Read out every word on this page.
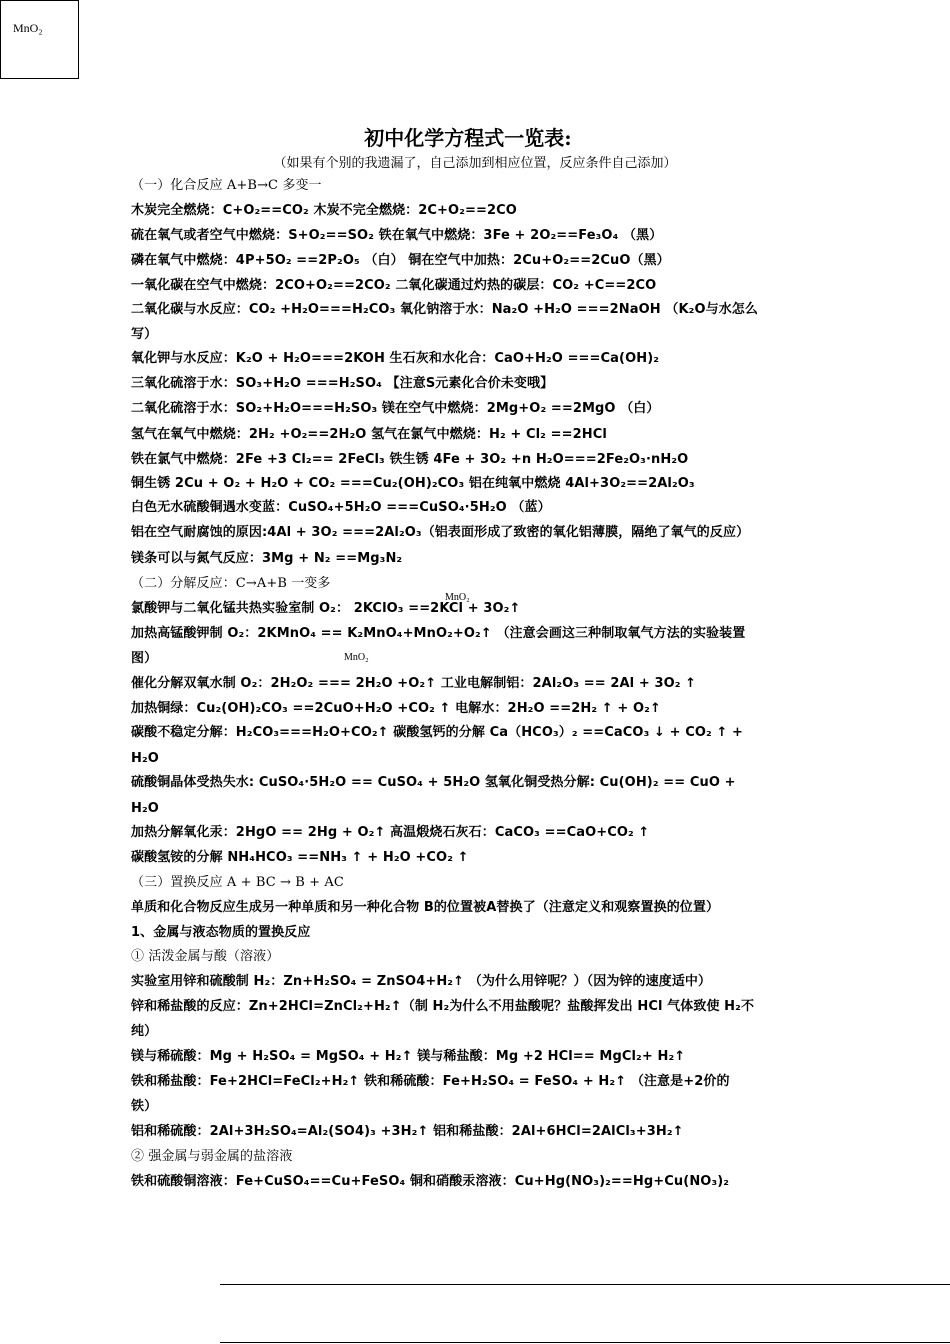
MnO₂
初中化学方程式一览表:
（如果有个别的我遗漏了，自己添加到相应位置，反应条件自己添加）
MnO₂
MnO₂
（一）化合反应 A+B→C 多变一
木炭完全燃烧：C+O₂==CO₂ 木炭不完全燃烧：2C+O₂==2CO
硫在氧气或者空气中燃烧：S+O₂==SO₂ 铁在氧气中燃烧：3Fe + 2O₂==Fe₃O₄ （黑）
磷在氧气中燃烧：4P+5O₂ ==2P₂O₅ （白） 铜在空气中加热：2Cu+O₂==2CuO（黑）
一氧化碳在空气中燃烧：2CO+O₂==2CO₂ 二氧化碳通过灼热的碳层：CO₂ +C==2CO
二氧化碳与水反应：CO₂ +H₂O===H₂CO₃ 氧化钠溶于水：Na₂O +H₂O ===2NaOH （K₂O与水怎么
写）
氧化钾与水反应：K₂O + H₂O===2KOH 生石灰和水化合：CaO+H₂O ===Ca(OH)₂
三氧化硫溶于水：SO₃+H₂O ===H₂SO₄ 【注意S元素化合价未变哦】
二氧化硫溶于水：SO₂+H₂O===H₂SO₃ 镁在空气中燃烧：2Mg+O₂ ==2MgO （白）
氢气在氧气中燃烧：2H₂ +O₂==2H₂O 氢气在氯气中燃烧：H₂ + Cl₂ ==2HCl
铁在氯气中燃烧：2Fe +3 Cl₂== 2FeCl₃ 铁生锈 4Fe + 3O₂ +n H₂O===2Fe₂O₃·nH₂O
铜生锈 2Cu + O₂ + H₂O + CO₂ ===Cu₂(OH)₂CO₃ 铝在纯氧中燃烧 4Al+3O₂==2Al₂O₃
白色无水硫酸铜遇水变蓝：CuSO₄+5H₂O ===CuSO₄·5H₂O （蓝）
铝在空气耐腐蚀的原因:4Al + 3O₂ ===2Al₂O₃（铝表面形成了致密的氧化铝薄膜，隔绝了氧气的反应）
镁条可以与氮气反应：3Mg + N₂ ==Mg₃N₂
（二）分解反应：C→A+B 一变多
氯酸钾与二氧化锰共热实验室制 O₂： 2KClO₃ ==2KCl + 3O₂↑
加热高锰酸钾制 O₂：2KMnO₄ == K₂MnO₄+MnO₂+O₂↑ （注意会画这三种制取氧气方法的实验装置
图）
催化分解双氧水制 O₂：2H₂O₂ === 2H₂O +O₂↑ 工业电解制铝：2Al₂O₃ == 2Al + 3O₂ ↑
加热铜绿：Cu₂(OH)₂CO₃ ==2CuO+H₂O +CO₂ ↑ 电解水：2H₂O ==2H₂ ↑ + O₂↑
碳酸不稳定分解：H₂CO₃===H₂O+CO₂↑ 碳酸氢钙的分解 Ca（HCO₃）₂ ==CaCO₃ ↓ + CO₂ ↑ +
H₂O
硫酸铜晶体受热失水: CuSO₄·5H₂O == CuSO₄ + 5H₂O 氢氧化铜受热分解: Cu(OH)₂ == CuO +
H₂O
加热分解氧化汞：2HgO == 2Hg + O₂↑ 高温煅烧石灰石：CaCO₃ ==CaO+CO₂ ↑
碳酸氢铵的分解 NH₄HCO₃ ==NH₃ ↑ + H₂O +CO₂ ↑
（三）置换反应 A + BC → B + AC
单质和化合物反应生成另一种单质和另一种化合物 B的位置被A替换了（注意定义和观察置换的位置）
1、金属与液态物质的置换反应
① 活泼金属与酸（溶液）
实验室用锌和硫酸制 H₂：Zn+H₂SO₄ = ZnSO4+H₂↑ （为什么用锌呢？）（因为锌的速度适中）
锌和稀盐酸的反应：Zn+2HCl=ZnCl₂+H₂↑（制 H₂为什么不用盐酸呢？盐酸挥发出 HCl 气体致使 H₂不
纯）
镁与稀硫酸：Mg + H₂SO₄ = MgSO₄ + H₂↑ 镁与稀盐酸：Mg +2 HCl== MgCl₂+ H₂↑
铁和稀盐酸：Fe+2HCl=FeCl₂+H₂↑ 铁和稀硫酸：Fe+H₂SO₄ = FeSO₄ + H₂↑ （注意是+2价的
铁）
铝和稀硫酸：2Al+3H₂SO₄=Al₂(SO4)₃ +3H₂↑ 铝和稀盐酸：2Al+6HCl=2AlCl₃+3H₂↑
② 强金属与弱金属的盐溶液
铁和硫酸铜溶液：Fe+CuSO₄==Cu+FeSO₄ 铜和硝酸汞溶液：Cu+Hg(NO₃)₂==Hg+Cu(NO₃)₂
